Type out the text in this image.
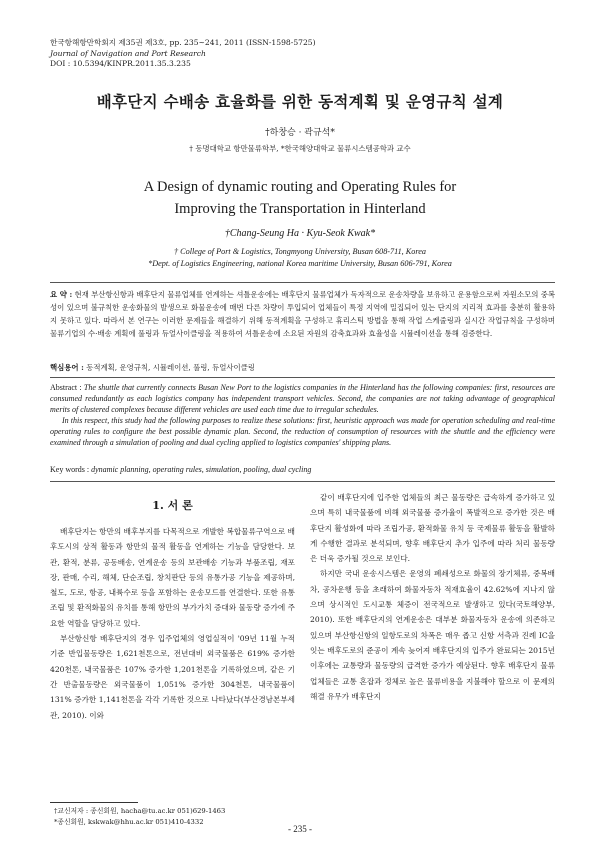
한국항해항만학회지 제35권 제3호, pp. 235~241, 2011 (ISSN-1598-5725)
Journal of Navigation and Port Research
DOI : 10.5394/KINPR.2011.35.3.235
배후단지 수배송 효율화를 위한 동적계획 및 운영규칙 설계
†하창승 · 곽규석*
† 동명대학교 항만물류학부, *한국해양대학교 물류시스템공학과 교수
A Design of dynamic routing and Operating Rules for
Improving the Transportation in Hinterland
†Chang-Seung Ha · Kyu-Seok Kwak*
† College of Port & Logistics, Tongmyong University, Busan 608-711, Korea
*Dept. of Logistics Engineering, national Korea maritime University, Busan 606-791, Korea
요 약 : 현재 부산항신항과 배후단지 물류업체를 연계하는 셔틀운송에는 배후단지 물류업체가 독자적으로 운송차량을 보유하고 운용함으로써 자원소모의 중복성이 있으며 불규칙한 운송화물의 발생으로 화물운송에 매번 다른 차량이 투입되어 업체들이 특정 지역에 밀집되어 있는 단지의 지리적 효과를 충분히 활용하지 못하고 있다. 따라서 본 연구는 이러한 문제들을 해결하기 위해 동적계획을 구성하고 휴리스틱 방법을 통해 작업 스케줄링과 실시간 작업규칙을 구성하며 물류기업의 수·배송 계획에 풀링과 듀얼사이클링을 적용하여 셔틀운송에 소요된 자원의 감축효과와 효율성을 시뮬레이션을 통해 검증한다.
핵심용어 : 동적계획, 운영규칙, 시뮬레이션, 풀링, 듀얼사이클링

Abstract : The shuttle that currently connects Busan New Port to the logistics companies in the Hinterland has the following companies: first, resources are consumed redundantly as each logistics company has independent transport vehicles. Second, the companies are not taking advantage of geographical merits of clustered complexes because different vehicles are used each time due to irregular schedules.

In this respect, this study had the following purposes to realize these solutions: first, heuristic approach was made for operation scheduling and real-time operating rules to configure the best possible dynamic plan. Second, the reduction of consumption of resources with the shuttle and the efficiency were examined through a simulation of pooling and dual cycling applied to logistics companies' shipping plans.

Key words : dynamic planning, operating rules, simulation, pooling, dual cycling
1. 서 론

배후단지는 항만의 배후부지를 다목적으로 개발한 복합물류구역으로 배후도시의 상적 활동과 항만의 물적 활동을 연계하는 기능을 담당한다. 보관, 환적, 분류, 공동배송, 연계운송 등의 보관배송 기능과 부품조립, 재포장, 판매, 수리, 해체, 단순조립, 창치판단 등의 유통가공 기능을 제공하며, 철도, 도로, 항공, 내륙수로 등을 포함하는 운송모드를 연결한다. 또한 유통조립 및 환적화물의 유치를 통해 항만의 부가가치 증대와 물동량 증가에 주요한 역할을 담당하고 있다.

부산항신항 배후단지의 경우 입주업체의 영업실적이 '09년 11월 누적기준 반입물동량은 1,621천톤으로, 전년대비 외국물품은 619% 증가한 420천톤, 내국물품은 107% 증가한 1,201천톤을 기록하였으며, 같은 기간 반출물동량은 외국물품이 1,051% 증가한 304천톤, 내국물품이 131% 증가한 1,141천톤을 각각 기록한 것으로 나타났다(부산경남본부세관, 2010). 이와

같이 배후단지에 입주한 업체들의 최근 물동량은 급속하게 증가하고 있으며 특히 내국물품에 비해 외국물품 증가율이 폭발적으로 증가한 것은 배후단지 활성화에 따라 조립가공, 환적화물 유치 등 국제물류 활동을 활발하게 수행한 결과로 분석되며, 향후 배후단지 추가 입주에 따라 처리 물동량은 더욱 증가될 것으로 보인다.

하지만 국내 운송시스템은 운영의 폐쇄성으로 화물의 장기체류, 중복배차, 공차운행 등을 초래하여 화물자동차 적재효율이 42.62%에 지나지 않으며 상시적인 도시교통 체증이 전국적으로 발생하고 있다(국토해양부, 2010). 또한 배후단지의 연계운송은 대부분 화물자동차 운송에 의존하고 있으며 부산항신항의 일항도로의 차폭은 매우 좁고 신항 서측과 진례 IC을 잇는 배후도로의 준공이 계속 늦어져 배후단지의 입주가 완료되는 2015년 이후에는 교통량과 물동량의 급격한 증가가 예상된다. 향후 배후단지 물류업체들은 교통 혼잡과 정체로 높은 물류비용을 지불해야 할으로 이 문제의 해결 유무가 배후단지

†교신저자 : 종신회원, hacha@tu.ac.kr 051)629-1463
*종신회원, kskwak@hhu.ac.kr 051)410-4332
- 235 -
